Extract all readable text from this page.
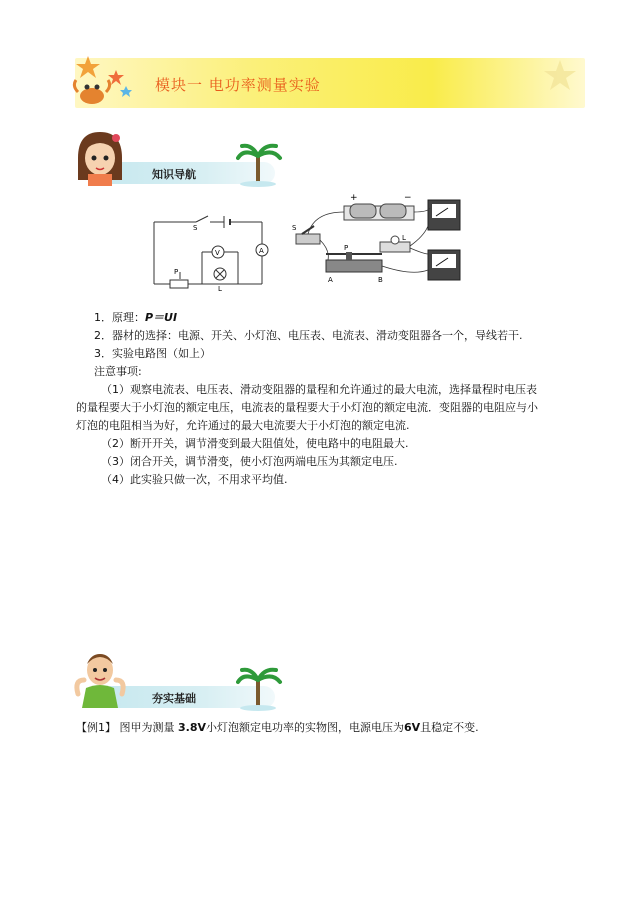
模块一 电功率测量实验
知识导航
S
P
V	A
L
+	−
S
L
P
A	B
1．原理：P＝UI
2．器材的选择：电源、开关、小灯泡、电压表、电流表、滑动变阻器各一个，导线若干.
3．实验电路图（如上）
注意事项:
（1）观察电流表、电压表、滑动变阻器的量程和允许通过的最大电流，选择量程时电压表
的量程要大于小灯泡的额定电压，电流表的量程要大于小灯泡的额定电流．变阻器的电阻应与小
灯泡的电阻相当为好，允许通过的最大电流要大于小灯泡的额定电流.
（2）断开开关，调节滑变到最大阻值处，使电路中的电阻最大.
（3）闭合开关，调节滑变，使小灯泡两端电压为其额定电压.
（4）此实验只做一次，不用求平均值.
夯实基础
【例1】 图甲为测量 3.8V小灯泡额定电功率的实物图，电源电压为6V且稳定不变.
